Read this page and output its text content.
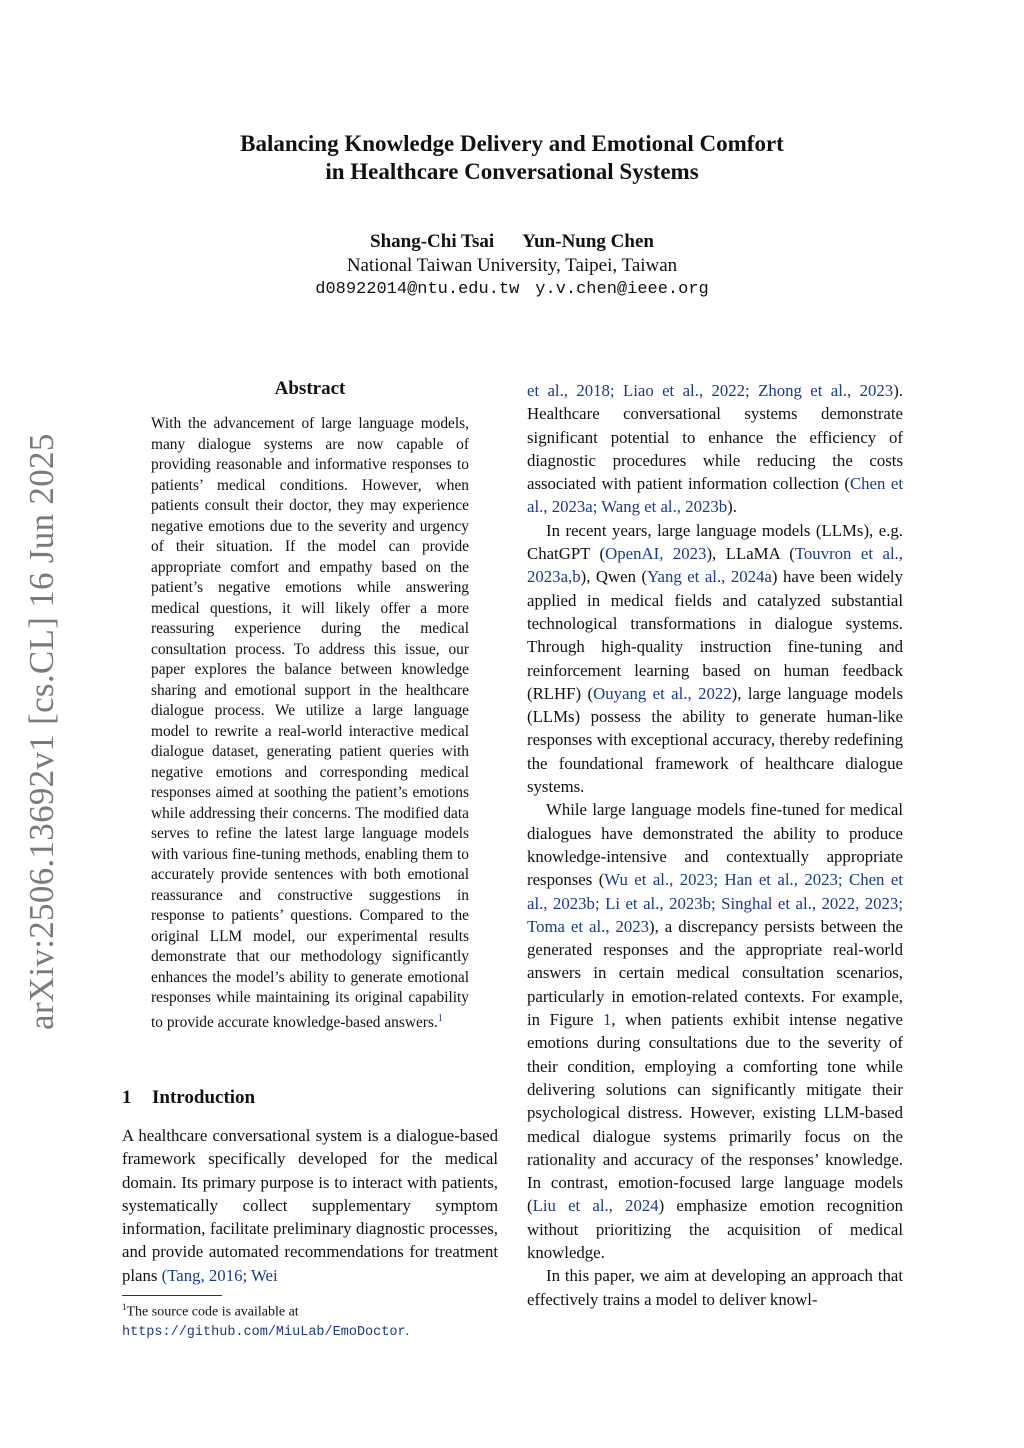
arXiv:2506.13692v1 [cs.CL] 16 Jun 2025
Balancing Knowledge Delivery and Emotional Comfort
in Healthcare Conversational Systems
Shang-Chi Tsai Yun-Nung Chen
National Taiwan University, Taipei, Taiwan
d08922014@ntu.edu.tw y.v.chen@ieee.org
Abstract
With the advancement of large language models, many dialogue systems are now capable of providing reasonable and informative responses to patients’ medical conditions. However, when patients consult their doctor, they may experience negative emotions due to the severity and urgency of their situation. If the model can provide appropriate comfort and empathy based on the patient’s negative emotions while answering medical questions, it will likely offer a more reassuring experience during the medical consultation process. To address this issue, our paper explores the balance between knowledge sharing and emotional support in the healthcare dialogue process. We utilize a large language model to rewrite a real-world interactive medical dialogue dataset, generating patient queries with negative emotions and corresponding medical responses aimed at soothing the patient’s emotions while addressing their concerns. The modified data serves to refine the latest large language models with various fine-tuning methods, enabling them to accurately provide sentences with both emotional reassurance and constructive suggestions in response to patients’ questions. Compared to the original LLM model, our experimental results demonstrate that our methodology significantly enhances the model’s ability to generate emotional responses while maintaining its original capability to provide accurate knowledge-based answers.$^1$
1 Introduction
A healthcare conversational system is a dialogue-based framework specifically developed for the medical domain. Its primary purpose is to interact with patients, systematically collect supplementary symptom information, facilitate preliminary diagnostic processes, and provide automated recommendations for treatment plans (Tang, 2016; Wei
$^1$The source code is available at https://github.com/MiuLab/EmoDoctor.

et al., 2018; Liao et al., 2022; Zhong et al., 2023). Healthcare conversational systems demonstrate significant potential to enhance the efficiency of diagnostic procedures while reducing the costs associated with patient information collection (Chen et al., 2023a; Wang et al., 2023b).

In recent years, large language models (LLMs), e.g. ChatGPT (OpenAI, 2023), LLaMA (Touvron et al., 2023a,b), Qwen (Yang et al., 2024a) have been widely applied in medical fields and catalyzed substantial technological transformations in dialogue systems. Through high-quality instruction fine-tuning and reinforcement learning based on human feedback (RLHF) (Ouyang et al., 2022), large language models (LLMs) possess the ability to generate human-like responses with exceptional accuracy, thereby redefining the foundational framework of healthcare dialogue systems.

While large language models fine-tuned for medical dialogues have demonstrated the ability to produce knowledge-intensive and contextually appropriate responses (Wu et al., 2023; Han et al., 2023; Chen et al., 2023b; Li et al., 2023b; Singhal et al., 2022, 2023; Toma et al., 2023), a discrepancy persists between the generated responses and the appropriate real-world answers in certain medical consultation scenarios, particularly in emotion-related contexts. For example, in Figure 1, when patients exhibit intense negative emotions during consultations due to the severity of their condition, employing a comforting tone while delivering solutions can significantly mitigate their psychological distress. However, existing LLM-based medical dialogue systems primarily focus on the rationality and accuracy of the responses’ knowledge. In contrast, emotion-focused large language models (Liu et al., 2024) emphasize emotion recognition without prioritizing the acquisition of medical knowledge.

In this paper, we aim at developing an approach that effectively trains a model to deliver knowl-
